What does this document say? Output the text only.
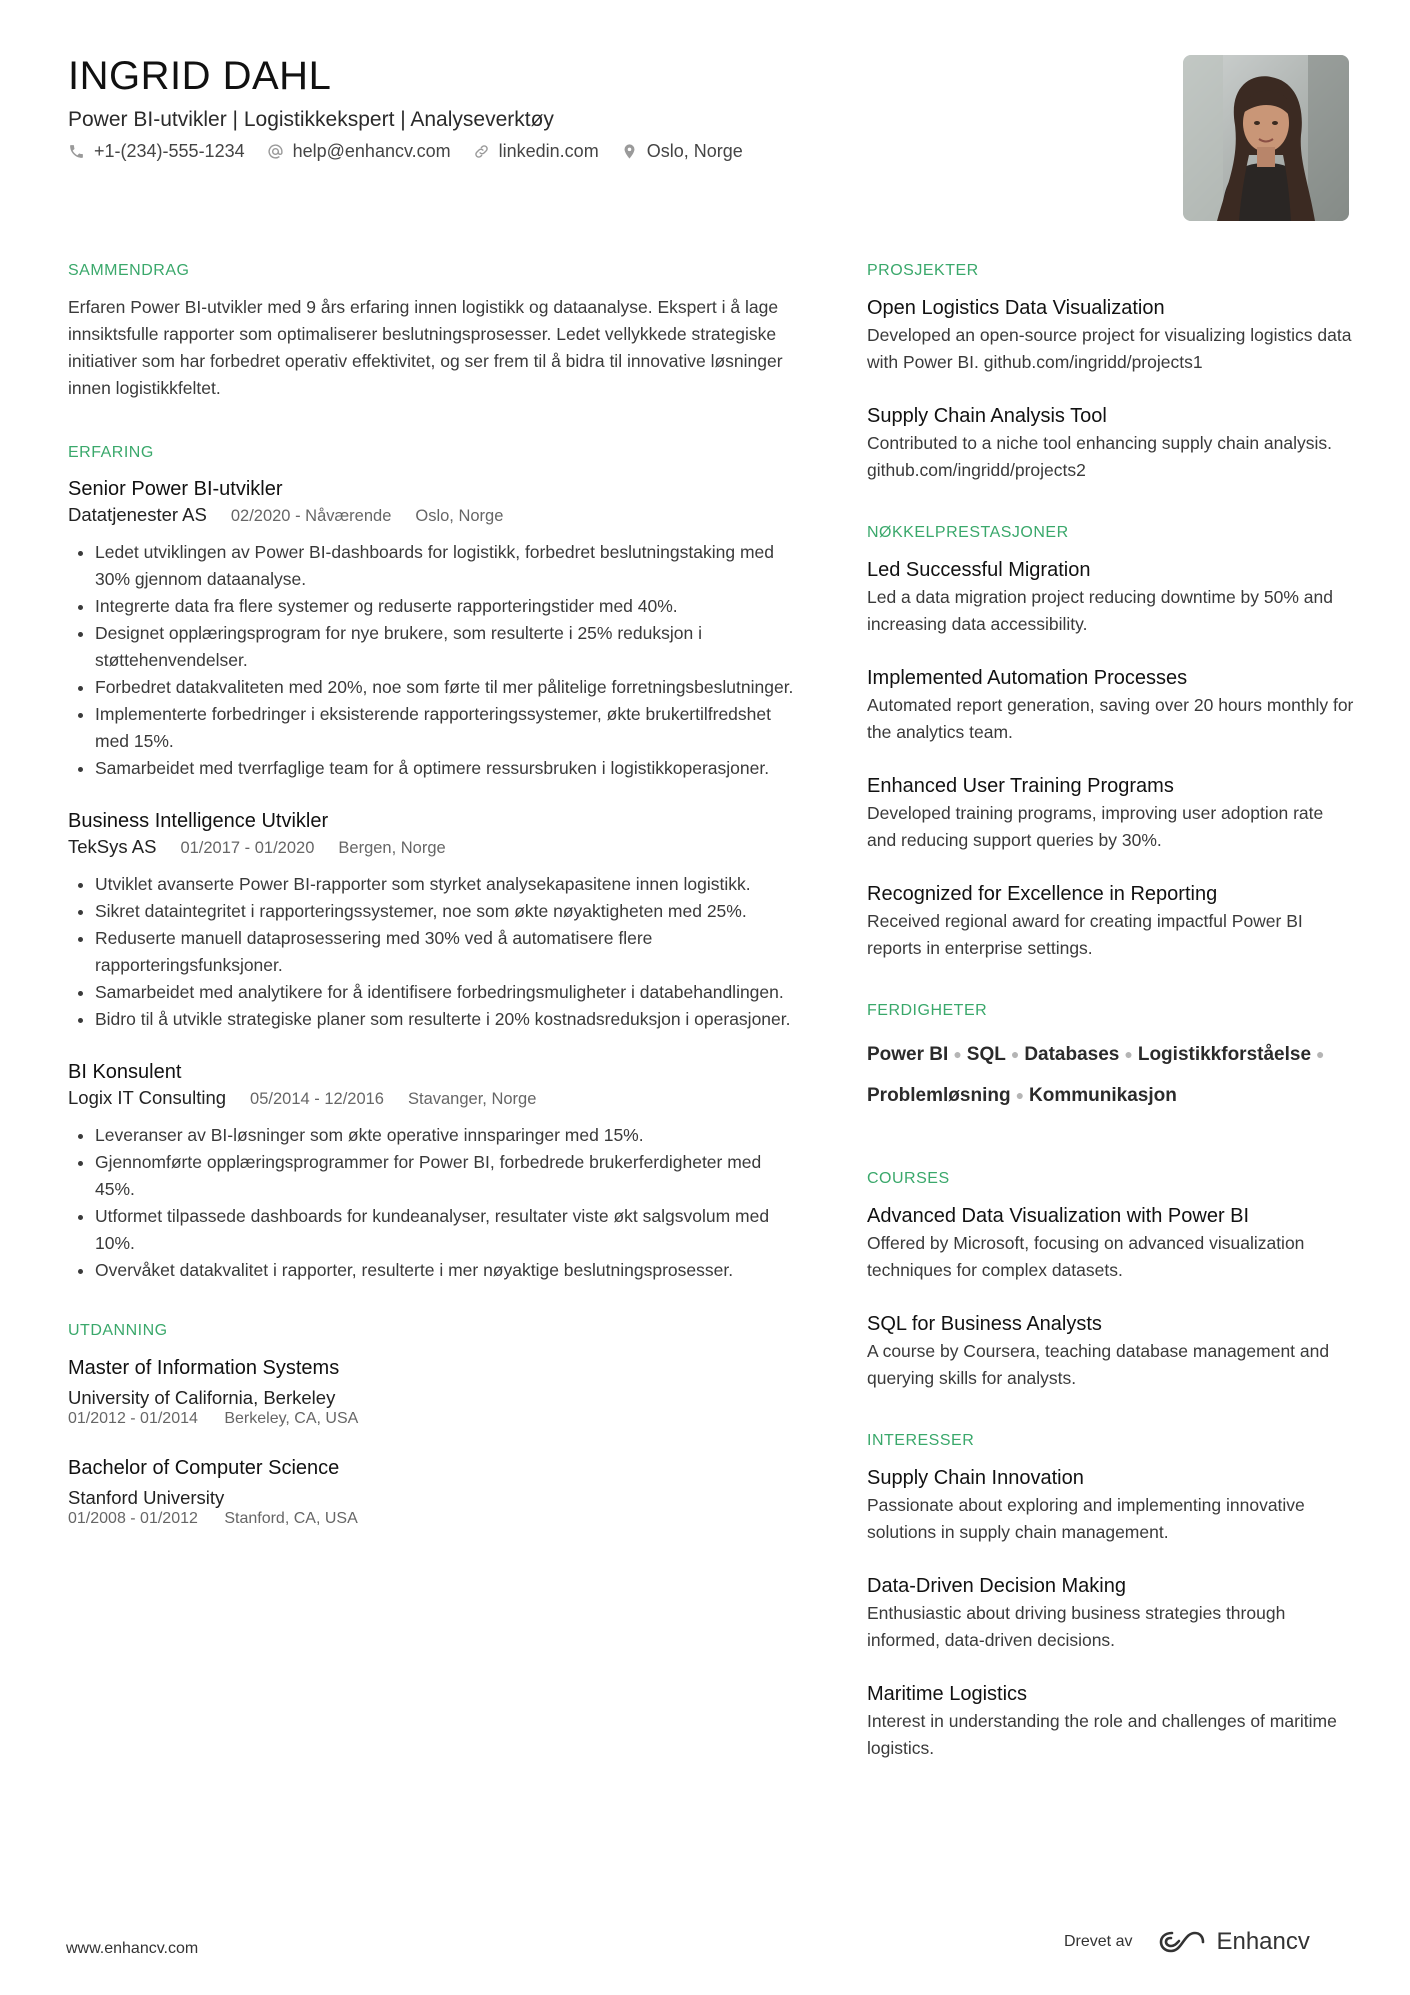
INGRID DAHL
Power BI-utvikler | Logistikkekspert | Analyseverktøy
+1-(234)-555-1234	help@enhancv.com	linkedin.com	Oslo, Norge
SAMMENDRAG

Erfaren Power BI-utvikler med 9 års erfaring innen logistikk og dataanalyse. Ekspert i å lage innsiktsfulle rapporter som optimaliserer beslutningsprosesser. Ledet vellykkede strategiske initiativer som har forbedret operativ effektivitet, og ser frem til å bidra til innovative løsninger innen logistikkfeltet.

ERFARING
Senior Power BI-utvikler
Datatjenester AS 02/2020 - Nåværende Oslo, Norge
• Ledet utviklingen av Power BI-dashboards for logistikk, forbedret beslutningstaking med 30% gjennom dataanalyse.
• Integrerte data fra flere systemer og reduserte rapporteringstider med 40%.
• Designet opplæringsprogram for nye brukere, som resulterte i 25% reduksjon i støttehenvendelser.
• Forbedret datakvaliteten med 20%, noe som førte til mer pålitelige forretningsbeslutninger.
• Implementerte forbedringer i eksisterende rapporteringssystemer, økte brukertilfredshet med 15%.
• Samarbeidet med tverrfaglige team for å optimere ressursbruken i logistikkoperasjoner.
Business Intelligence Utvikler
TekSys AS 01/2017 - 01/2020 Bergen, Norge
• Utviklet avanserte Power BI-rapporter som styrket analysekapasitene innen logistikk.
• Sikret dataintegritet i rapporteringssystemer, noe som økte nøyaktigheten med 25%.
• Reduserte manuell dataprosessering med 30% ved å automatisere flere rapporteringsfunksjoner.
• Samarbeidet med analytikere for å identifisere forbedringsmuligheter i databehandlingen.
• Bidro til å utvikle strategiske planer som resulterte i 20% kostnadsreduksjon i operasjoner.
BI Konsulent
Logix IT Consulting 05/2014 - 12/2016 Stavanger, Norge
• Leveranser av BI-løsninger som økte operative innsparinger med 15%.
• Gjennomførte opplæringsprogrammer for Power BI, forbedrede brukerferdigheter med 45%.
• Utformet tilpassede dashboards for kundeanalyser, resultater viste økt salgsvolum med 10%.
• Overvåket datakvalitet i rapporter, resulterte i mer nøyaktige beslutningsprosesser.
UTDANNING
Master of Information Systems
University of California, Berkeley
01/2012 - 01/2014 Berkeley, CA, USA
Bachelor of Computer Science
Stanford University
01/2008 - 01/2012 Stanford, CA, USA
PROSJEKTER
Open Logistics Data Visualization
Developed an open-source project for visualizing logistics data with Power BI. github.com/ingridd/projects1
Supply Chain Analysis Tool
Contributed to a niche tool enhancing supply chain analysis. github.com/ingridd/projects2
NØKKELPRESTASJONER
Led Successful Migration
Led a data migration project reducing downtime by 50% and increasing data accessibility.
Implemented Automation Processes
Automated report generation, saving over 20 hours monthly for the analytics team.
Enhanced User Training Programs
Developed training programs, improving user adoption rate and reducing support queries by 30%.
Recognized for Excellence in Reporting
Received regional award for creating impactful Power BI reports in enterprise settings.
FERDIGHETER
Power BI ● SQL ● Databases ● Logistikkforståelse ●
Problemløsning ● Kommunikasjon
COURSES
Advanced Data Visualization with Power BI
Offered by Microsoft, focusing on advanced visualization techniques for complex datasets.
SQL for Business Analysts
A course by Coursera, teaching database management and querying skills for analysts.
INTERESSER
Supply Chain Innovation
Passionate about exploring and implementing innovative solutions in supply chain management.
Data-Driven Decision Making
Enthusiastic about driving business strategies through informed, data-driven decisions.
Maritime Logistics
Interest in understanding the role and challenges of maritime logistics.
www.enhancv.com	Drevet av	Enhancv
